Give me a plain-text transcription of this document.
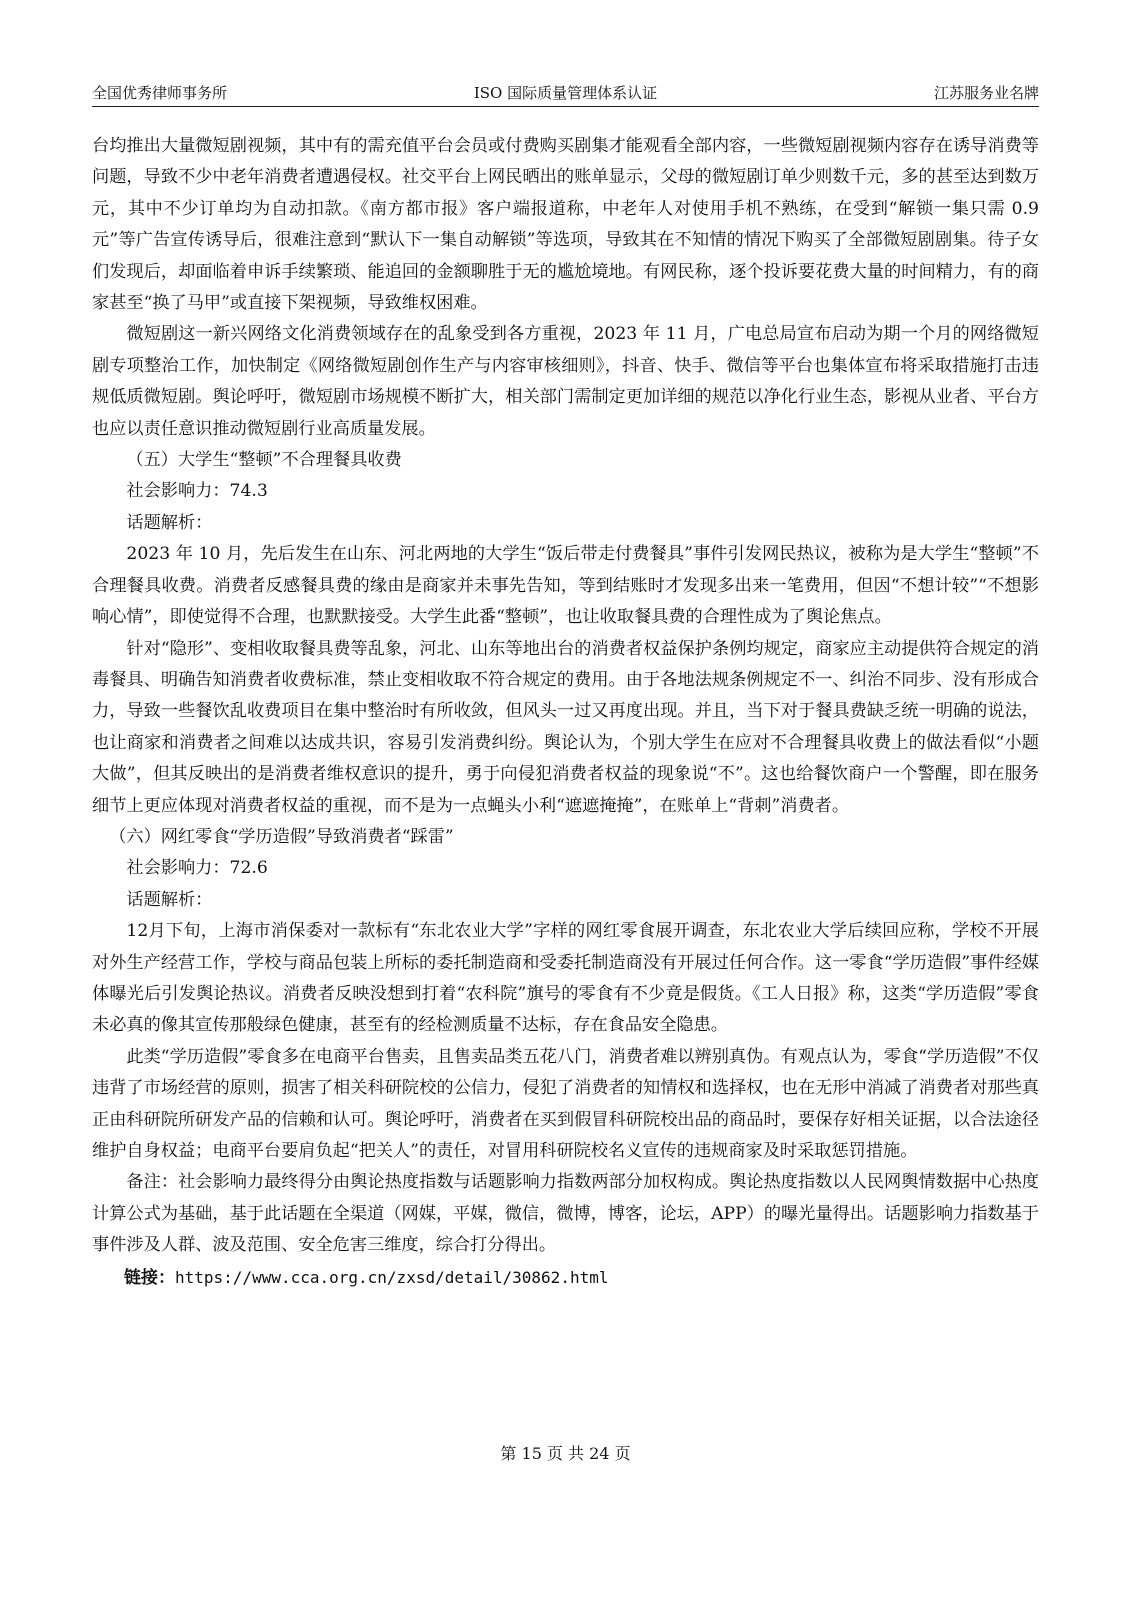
全国优秀律师事务所	ISO 国际质量管理体系认证	江苏服务业名牌

台均推出大量微短剧视频，其中有的需充值平台会员或付费购买剧集才能观看全部内容，一些微短剧视频内容存在诱导消费等问题，导致不少中老年消费者遭遇侵权。社交平台上网民晒出的账单显示，父母的微短剧订单少则数千元，多的甚至达到数万元，其中不少订单均为自动扣款。《南方都市报》客户端报道称，中老年人对使用手机不熟练，在受到“解锁一集只需 0.9元”等广告宣传诱导后，很难注意到“默认下一集自动解锁”等选项，导致其在不知情的情况下购买了全部微短剧剧集。待子女们发现后，却面临着申诉手续繁琐、能追回的金额聊胜于无的尴尬境地。有网民称，逐个投诉要花费大量的时间精力，有的商家甚至“换了马甲”或直接下架视频，导致维权困难。

微短剧这一新兴网络文化消费领域存在的乱象受到各方重视，2023 年 11 月，广电总局宣布启动为期一个月的网络微短剧专项整治工作，加快制定《网络微短剧创作生产与内容审核细则》，抖音、快手、微信等平台也集体宣布将采取措施打击违规低质微短剧。舆论呼吁，微短剧市场规模不断扩大，相关部门需制定更加详细的规范以净化行业生态，影视从业者、平台方也应以责任意识推动微短剧行业高质量发展。

（五）大学生“整顿”不合理餐具收费

社会影响力：74.3

话题解析：

2023 年 10 月，先后发生在山东、河北两地的大学生“饭后带走付费餐具”事件引发网民热议，被称为是大学生“整顿”不合理餐具收费。消费者反感餐具费的缘由是商家并未事先告知，等到结账时才发现多出来一笔费用，但因“不想计较”“不想影响心情”，即使觉得不合理，也默默接受。大学生此番“整顿”，也让收取餐具费的合理性成为了舆论焦点。

针对“隐形”、变相收取餐具费等乱象，河北、山东等地出台的消费者权益保护条例均规定，商家应主动提供符合规定的消毒餐具、明确告知消费者收费标准，禁止变相收取不符合规定的费用。由于各地法规条例规定不一、纠治不同步、没有形成合力，导致一些餐饮乱收费项目在集中整治时有所收敛，但风头一过又再度出现。并且，当下对于餐具费缺乏统一明确的说法，也让商家和消费者之间难以达成共识，容易引发消费纠纷。舆论认为，个别大学生在应对不合理餐具收费上的做法看似“小题大做”，但其反映出的是消费者维权意识的提升，勇于向侵犯消费者权益的现象说“不”。这也给餐饮商户一个警醒，即在服务细节上更应体现对消费者权益的重视，而不是为一点蝇头小利“遮遮掩掩”，在账单上“背刺”消费者。

（六）网红零食“学历造假”导致消费者“踩雷”

社会影响力：72.6

话题解析：

12月下旬，上海市消保委对一款标有“东北农业大学”字样的网红零食展开调查，东北农业大学后续回应称，学校不开展对外生产经营工作，学校与商品包装上所标的委托制造商和受委托制造商没有开展过任何合作。这一零食“学历造假”事件经媒体曝光后引发舆论热议。消费者反映没想到打着“农科院”旗号的零食有不少竟是假货。《工人日报》称，这类“学历造假”零食未必真的像其宣传那般绿色健康，甚至有的经检测质量不达标，存在食品安全隐患。

此类“学历造假”零食多在电商平台售卖，且售卖品类五花八门，消费者难以辨别真伪。有观点认为，零食“学历造假”不仅违背了市场经营的原则，损害了相关科研院校的公信力，侵犯了消费者的知情权和选择权，也在无形中消减了消费者对那些真正由科研院所研发产品的信赖和认可。舆论呼吁，消费者在买到假冒科研院校出品的商品时，要保存好相关证据，以合法途径维护自身权益；电商平台要肩负起“把关人”的责任，对冒用科研院校名义宣传的违规商家及时采取惩罚措施。

备注：社会影响力最终得分由舆论热度指数与话题影响力指数两部分加权构成。舆论热度指数以人民网舆情数据中心热度计算公式为基础，基于此话题在全渠道（网媒，平媒，微信，微博，博客，论坛，APP）的曝光量得出。话题影响力指数基于事件涉及人群、波及范围、安全危害三维度，综合打分得出。

链接：https://www.cca.org.cn/zxsd/detail/30862.html

第 15 页 共 24 页
